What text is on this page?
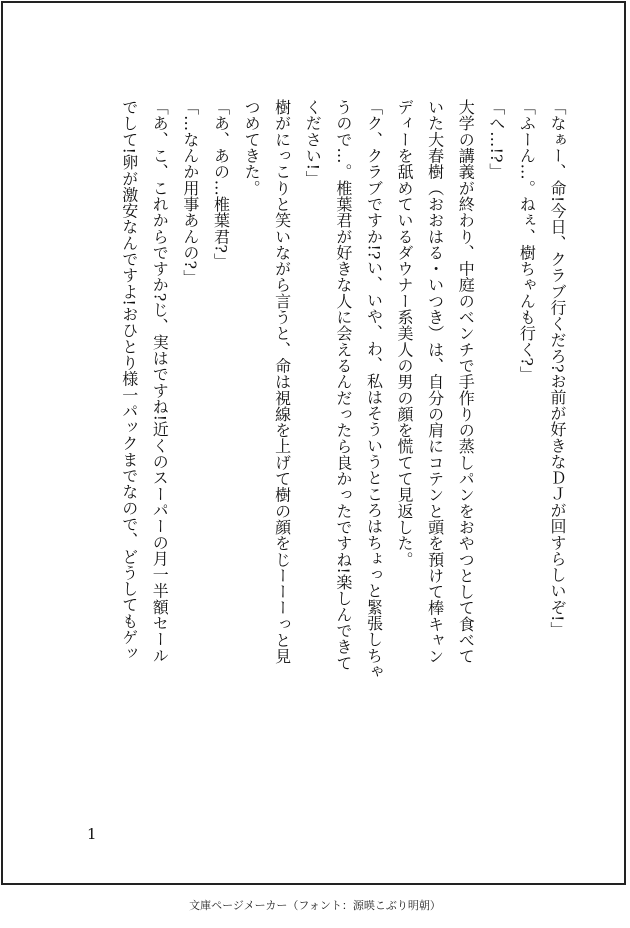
「なぁー、命!今日、クラブ行くだろ?お前が好きなＤＪが回すらしいぞ!」

「ふーん…。ねぇ、樹ちゃんも行く?」

「へ…!?」

大学の講義が終わり、中庭のベンチで手作りの蒸しパンをおやつとして食べて

いた大春樹（おおはる・いつき）は、自分の肩にコテンと頭を預けて棒キャン

ディーを舐めているダウナー系美人の男の顔を慌てて見返した。

「ク、クラブですか!?い、いや、わ、私はそういうところはちょっと緊張しちゃ

うので…。椎葉君が好きな人に会えるんだったら良かったですね!楽しんできて

ください!」

樹がにっこりと笑いながら言うと、命は視線を上げて樹の顔をじーーーっと見

つめてきた。

「あ、あの…椎葉君?」

「…なんか用事あんの?」

「あ、こ、これからですか?じ、実はですね!近くのスーパーの月一半額セール

でして!卵が激安なんですよ!おひとり様一パックまでなので、どうしてもゲッ

1
文庫ページメーカー（フォント：源暎こぶり明朝）
